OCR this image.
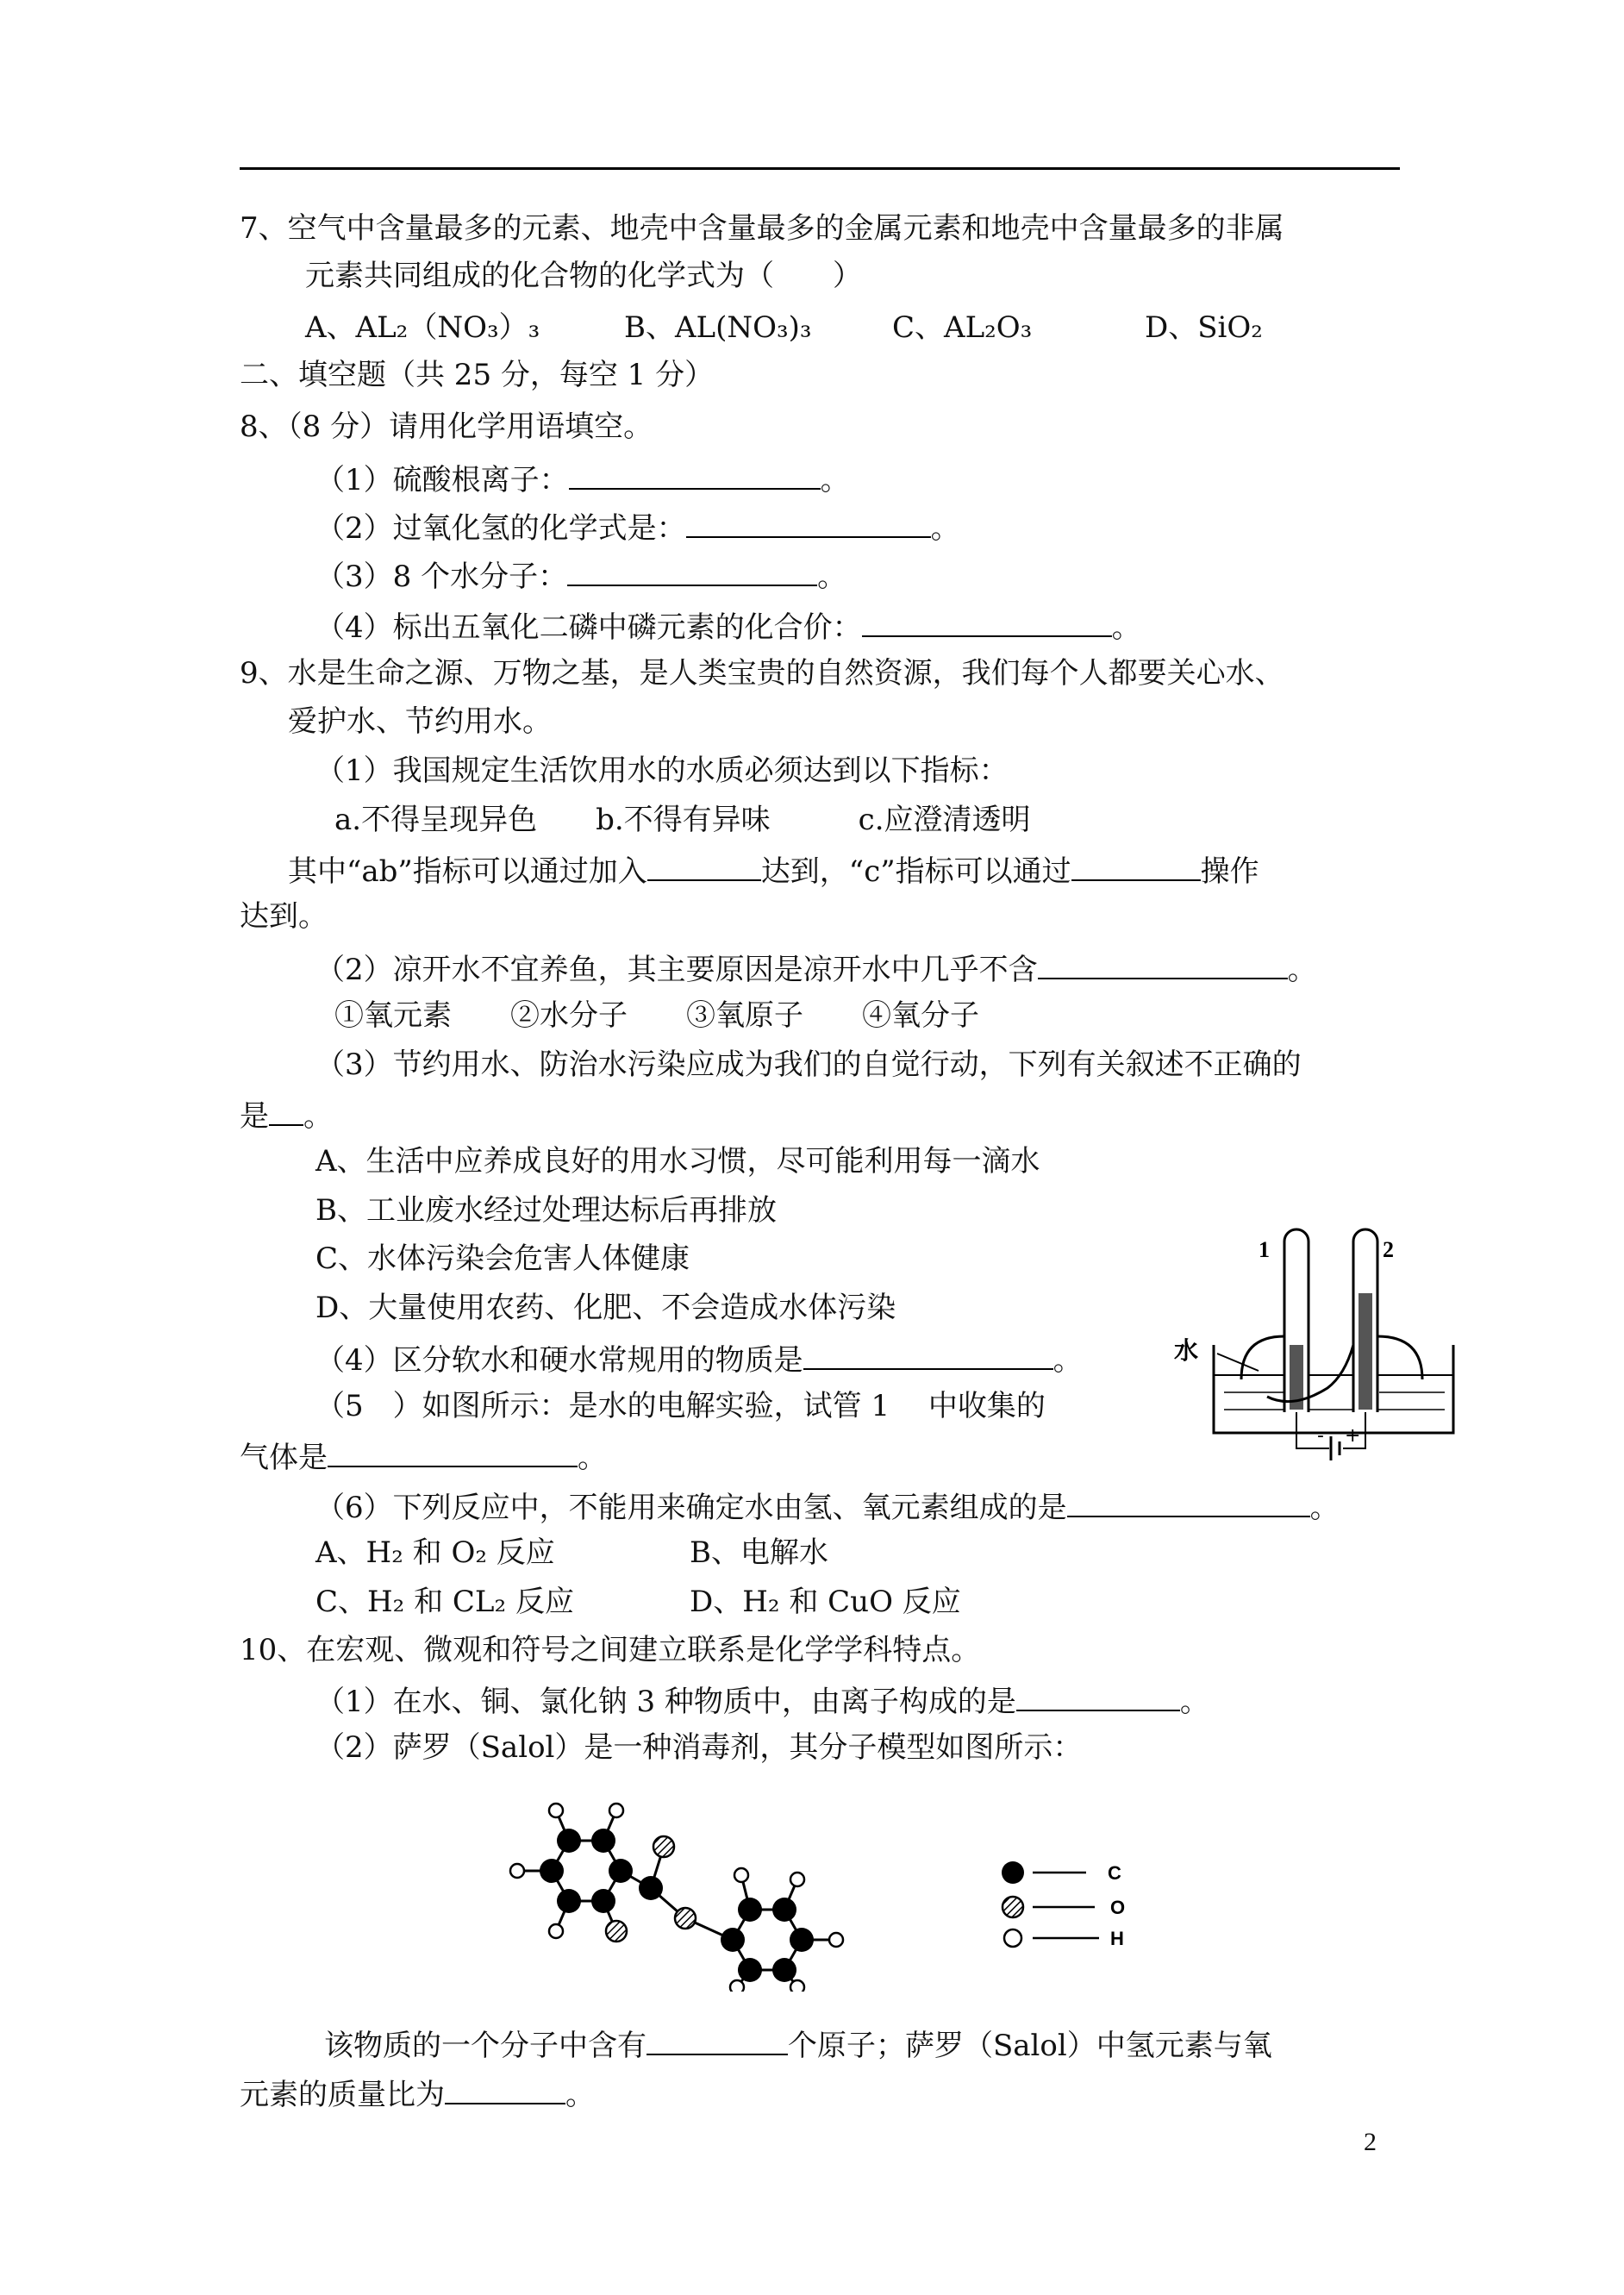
7、空气中含量最多的元素、地壳中含量最多的金属元素和地壳中含量最多的非属
元素共同组成的化合物的化学式为（　　）
A、AL₂（NO₃）₃	B、AL(NO₃)₃	C、AL₂O₃	D、SiO₂
二、填空题（共 25 分，每空 1 分）
8、（8 分）请用化学用语填空。
（1）硫酸根离子：	。
（2）过氧化氢的化学式是：	。
（3）8 个水分子：	。
（4）标出五氧化二磷中磷元素的化合价：	。
9、水是生命之源、万物之基，是人类宝贵的自然资源，我们每个人都要关心水、
爱护水、节约用水。
（1）我国规定生活饮用水的水质必须达到以下指标：
a.不得呈现异色　　b.不得有异味　　　c.应澄清透明
其中“ab”指标可以通过加入	达到，“c”指标可以通过	操作
达到。
（2）凉开水不宜养鱼，其主要原因是凉开水中几乎不含	。
①氧元素　　②水分子　　③氧原子　　④氧分子
（3）节约用水、防治水污染应成为我们的自觉行动，下列有关叙述不正确的
是 。
A、生活中应养成良好的用水习惯，尽可能利用每一滴水
B、工业废水经过处理达标后再排放
C、水体污染会危害人体健康
D、大量使用农药、化肥、不会造成水体污染
（4）区分软水和硬水常规用的物质是	。
（5　）如图所示：是水的电解实验，试管 1　 中收集的
气体是	。
1	2
水
- +
（6）下列反应中，不能用来确定水由氢、氧元素组成的是	。
A、H₂ 和 O₂ 反应	B、电解水
C、H₂ 和 CL₂ 反应	D、H₂ 和 CuO 反应
10、在宏观、微观和符号之间建立联系是化学学科特点。
（1）在水、铜、氯化钠 3 种物质中，由离子构成的是	。
（2）萨罗（Salol）是一种消毒剂，其分子模型如图所示：
C
O
H
该物质的一个分子中含有	个原子；萨罗（Salol）中氢元素与氧
元素的质量比为	。
2
